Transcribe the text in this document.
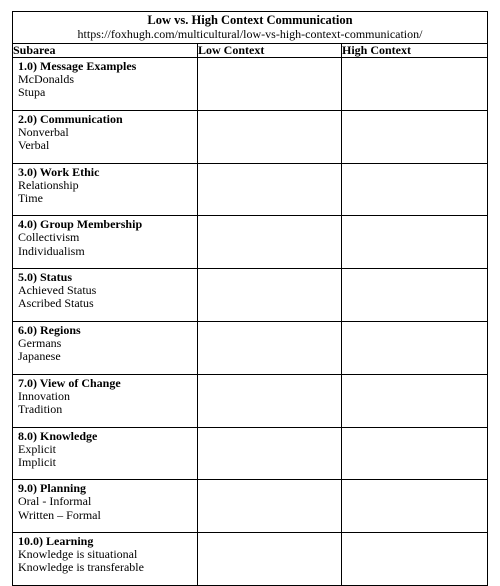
Low vs. High Context Communication
https://foxhugh.com/multicultural/low-vs-high-context-communication/		

Subarea	Low Context	High Context

1.0) Message Examples
McDonalds
Stupa		

2.0) Communication
Nonverbal
Verbal		

3.0) Work Ethic
Relationship
Time		

4.0) Group Membership
Collectivism
Individualism		

5.0) Status
Achieved Status
Ascribed Status		

6.0) Regions
Germans
Japanese		

7.0) View of Change
Innovation
Tradition		

8.0) Knowledge
Explicit
Implicit		

9.0) Planning
Oral - Informal
Written – Formal		

10.0) Learning
Knowledge is situational
Knowledge is transferable		
